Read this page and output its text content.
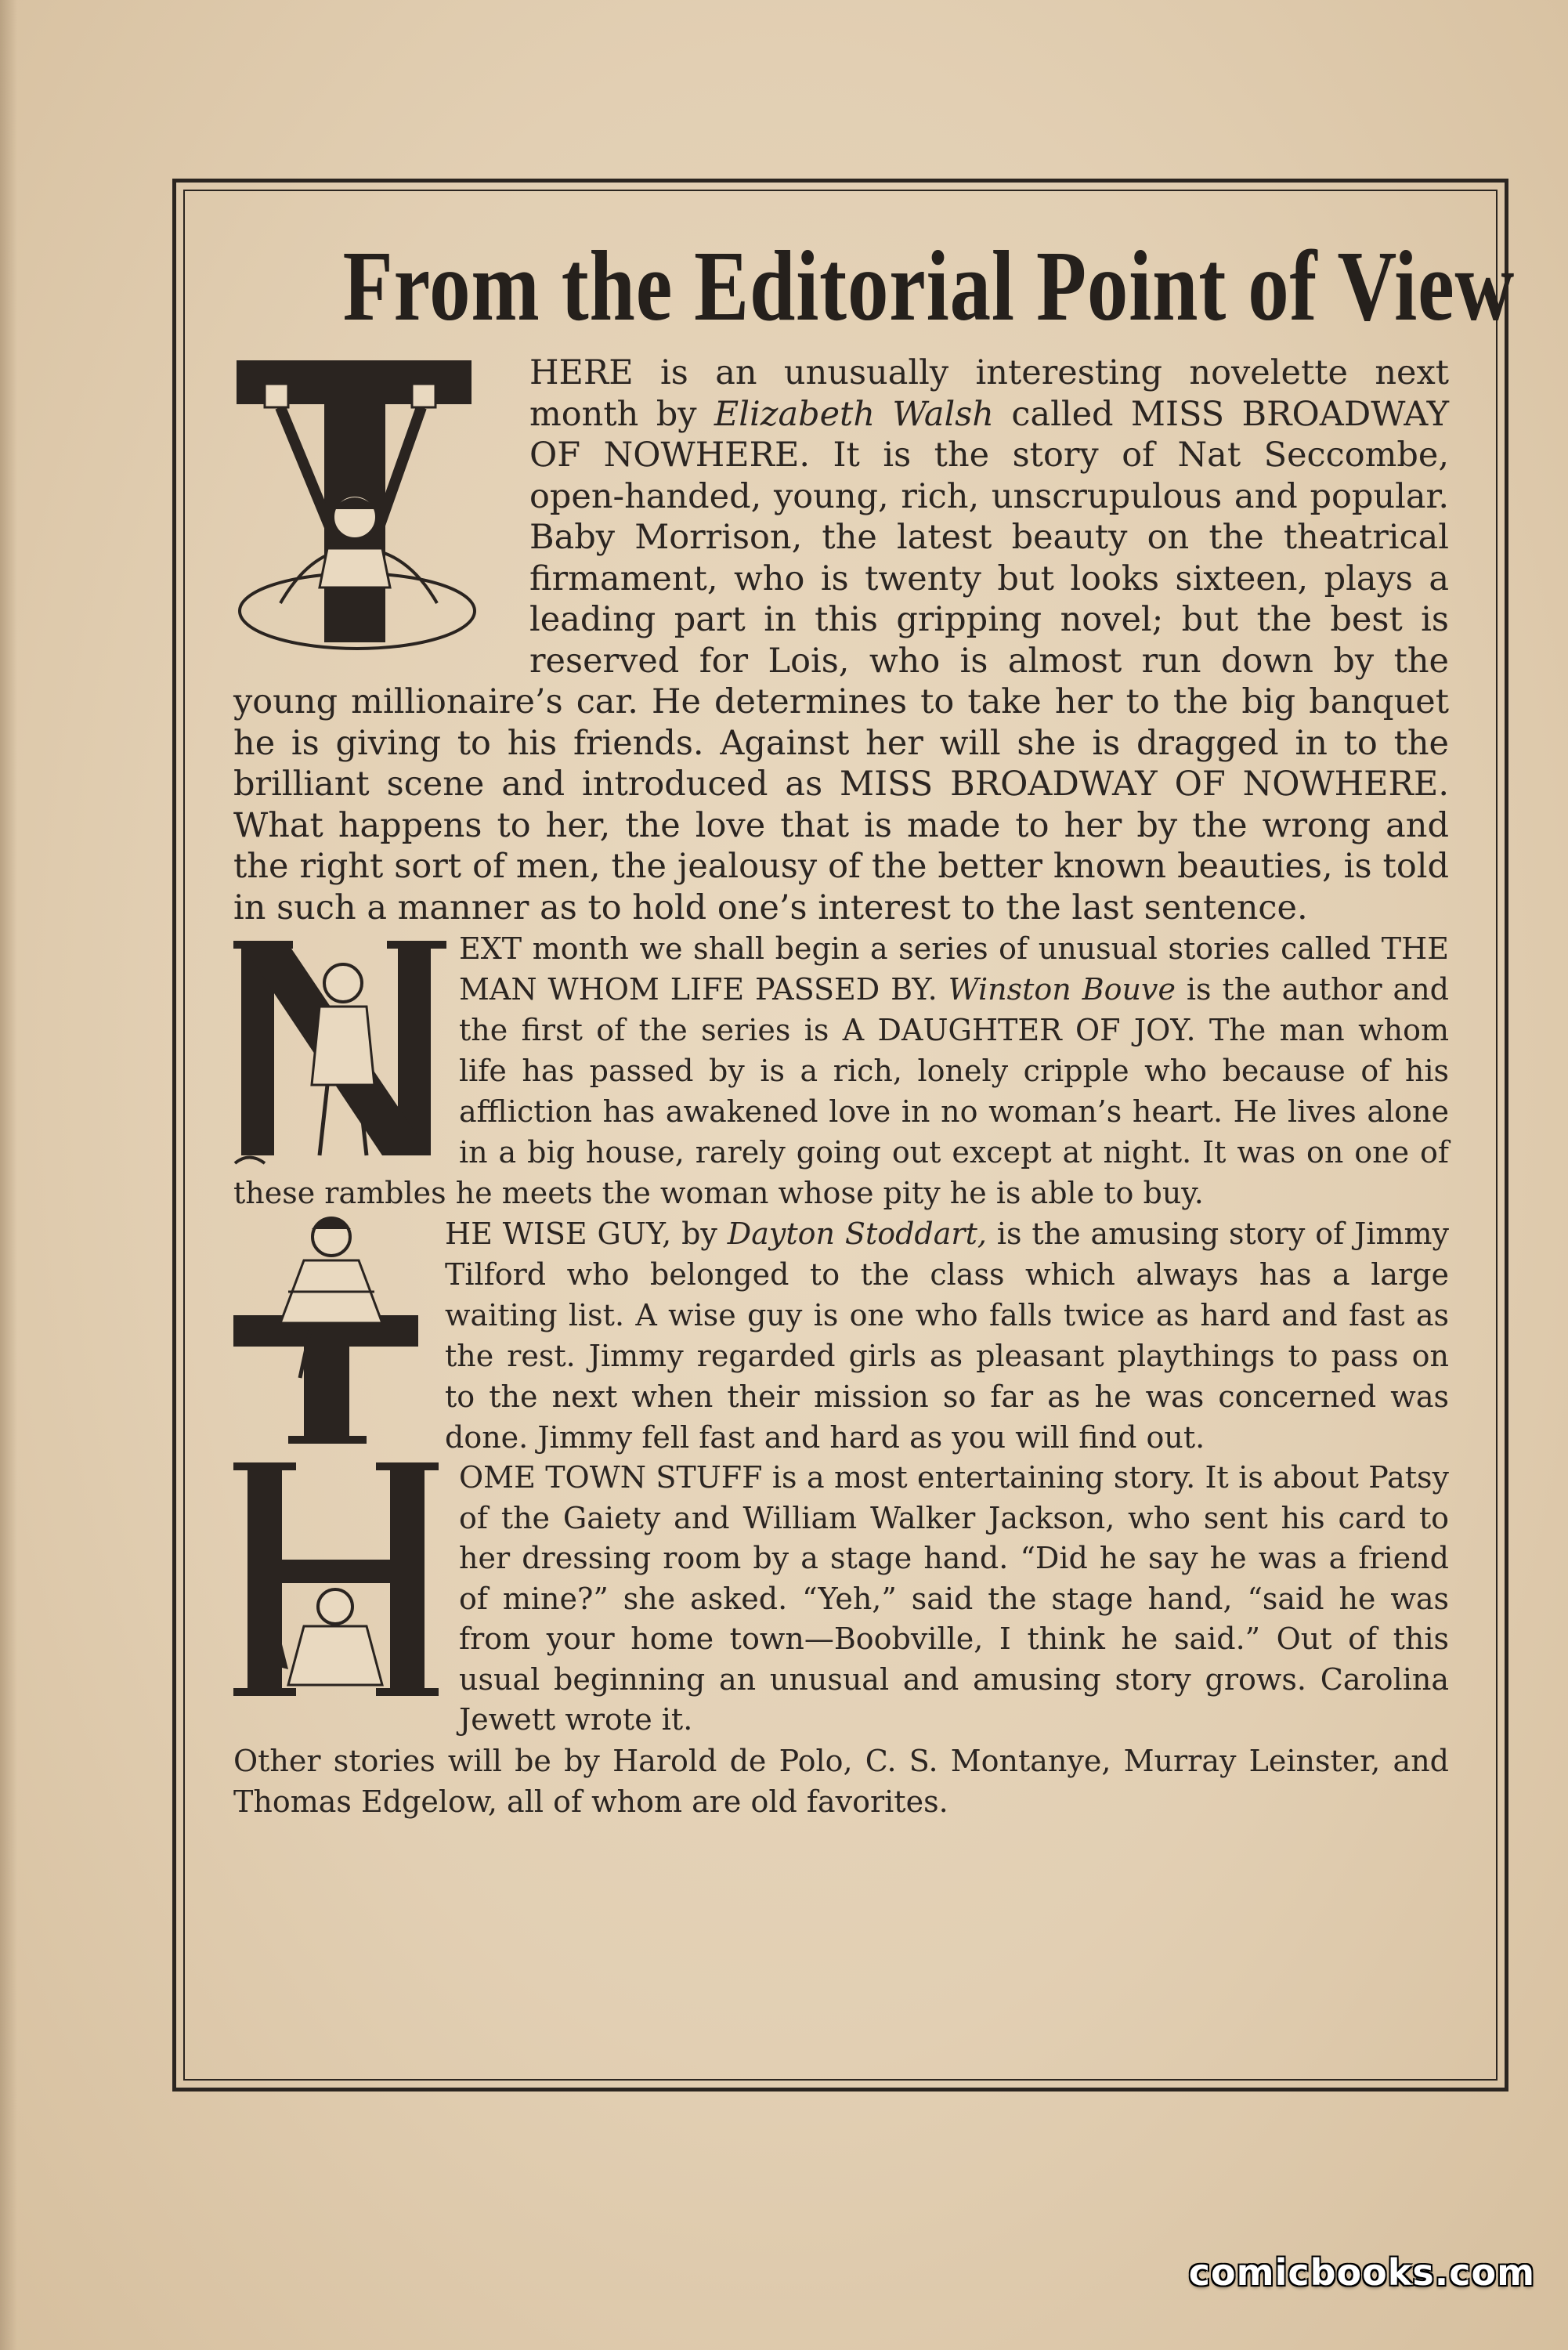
From the Editorial Point of View

HERE is an unusually interesting novelette next month by Elizabeth Walsh called MISS BROADWAY OF NOWHERE. It is the story of Nat Seccombe, open-handed, young, rich, unscrupulous and popular. Baby Morrison, the latest beauty on the theatrical firmament, who is twenty but looks sixteen, plays a leading part in this gripping novel; but the best is reserved for Lois, who is almost run down by the young millionaire’s car. He determines to take her to the big banquet he is giving to his friends. Against her will she is dragged in to the brilliant scene and introduced as MISS BROADWAY OF NOWHERE. What happens to her, the love that is made to her by the wrong and the right sort of men, the jealousy of the better known beauties, is told in such a manner as to hold one’s interest to the last sentence.

EXT month we shall begin a series of unusual stories called THE MAN WHOM LIFE PASSED BY. Winston Bouve is the author and the first of the series is A DAUGHTER OF JOY. The man whom life has passed by is a rich, lonely cripple who because of his affliction has awakened love in no woman’s heart. He lives alone in a big house, rarely going out except at night. It was on one of these rambles he meets the woman whose pity he is able to buy.

HE WISE GUY, by Dayton Stoddart, is the amusing story of Jimmy Tilford who belonged to the class which always has a large waiting list. A wise guy is one who falls twice as hard and fast as the rest. Jimmy regarded girls as pleasant playthings to pass on to the next when their mission so far as he was concerned was done. Jimmy fell fast and hard as you will find out.

OME TOWN STUFF is a most entertaining story. It is about Patsy of the Gaiety and William Walker Jackson, who sent his card to her dressing room by a stage hand. “Did he say he was a friend of mine?” she asked. “Yeh,” said the stage hand, “said he was from your home town—Boobville, I think he said.” Out of this usual beginning an unusual and amusing story grows. Carolina Jewett wrote it.

Other stories will be by Harold de Polo, C. S. Montanye, Murray Leinster, and Thomas Edgelow, all of whom are old favorites.

comicbooks.com
